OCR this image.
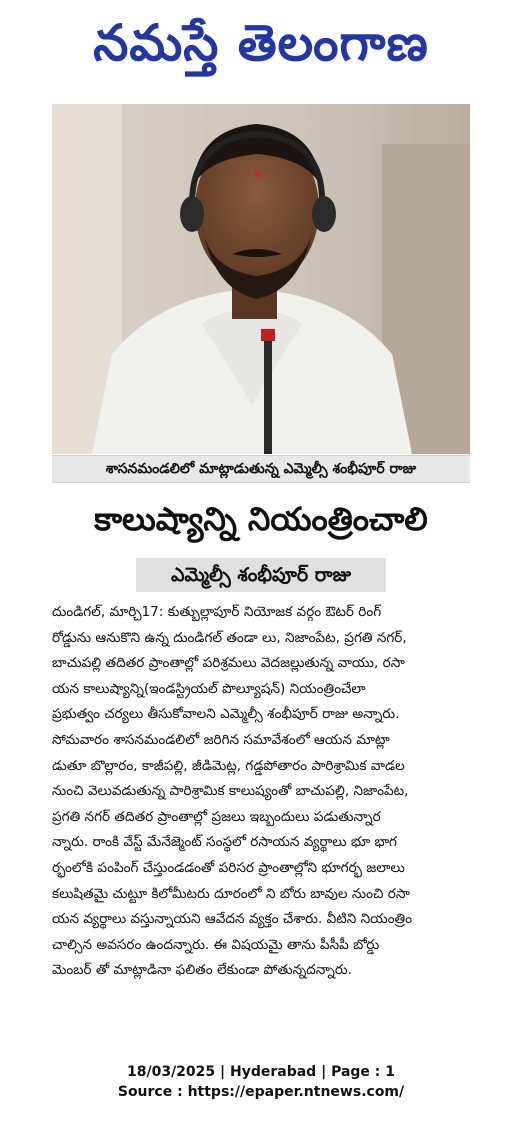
నమస్తే తెలంగాణ
శాసనమండలిలో మాట్లాడుతున్న ఎమ్మెల్సీ శంభీపూర్ రాజు
కాలుష్యాన్ని నియంత్రించాలి
ఎమ్మెల్సీ శంభీపూర్ రాజు
దుండిగల్, మార్చి17: కుత్బుల్లాపూర్ నియోజక వర్గం ఔటర్ రింగ్
రోడ్డును ఆనుకొని ఉన్న దుండిగల్ తండా లు, నిజాంపేట, ప్రగతి నగర్,
బాచుపల్లి తదితర ప్రాంతాల్లో పరిశ్రమలు వెదజల్లుతున్న వాయు, రసా
యన కాలుష్యాన్ని(ఇండస్ట్రియల్ పొల్యూషన్) నియంత్రించేలా
ప్రభుత్వం చర్యలు తీసుకోవాలని ఎమ్మెల్సీ శంభీపూర్ రాజు అన్నారు.
సోమవారం శాసనమండలిలో జరిగిన సమావేశంలో ఆయన మాట్లా
డుతూ బొల్లారం, కాజీపల్లి, జీడిమెట్ల, గడ్డపోతారం పారిశ్రామిక వాడల
నుంచి వెలువడుతున్న పారిశ్రామిక కాలుష్యంతో బాచుపల్లి, నిజాంపేట,
ప్రగతి నగర్ తదితర ప్రాంతాల్లో ప్రజలు ఇబ్బందులు పడుతున్నార
న్నారు. రాంకి వేస్ట్ మేనేజ్మెంట్ సంస్థలో రసాయన వ్యర్థాలు భూ భాగ
ర్భంలోకి పంపింగ్ చేస్తుండడంతో పరిసర ప్రాంతాల్లోని భూగర్భ జలాలు
కలుషితమై చుట్టూ కిలోమీటరు దూరంలో ని బోరు బావుల నుంచి రసా
యన వ్యర్థాలు వస్తున్నాయని ఆవేదన వ్యక్తం చేశారు. వీటిని నియంత్రిం
చాల్సిన అవసరం ఉందన్నారు. ఈ విషయమై తాను పీసీపీ బోర్డు
మెంబర్ తో మాట్లాడినా ఫలితం లేకుండా పోతున్నదన్నారు.
18/03/2025 | Hyderabad | Page : 1
Source : https://epaper.ntnews.com/
